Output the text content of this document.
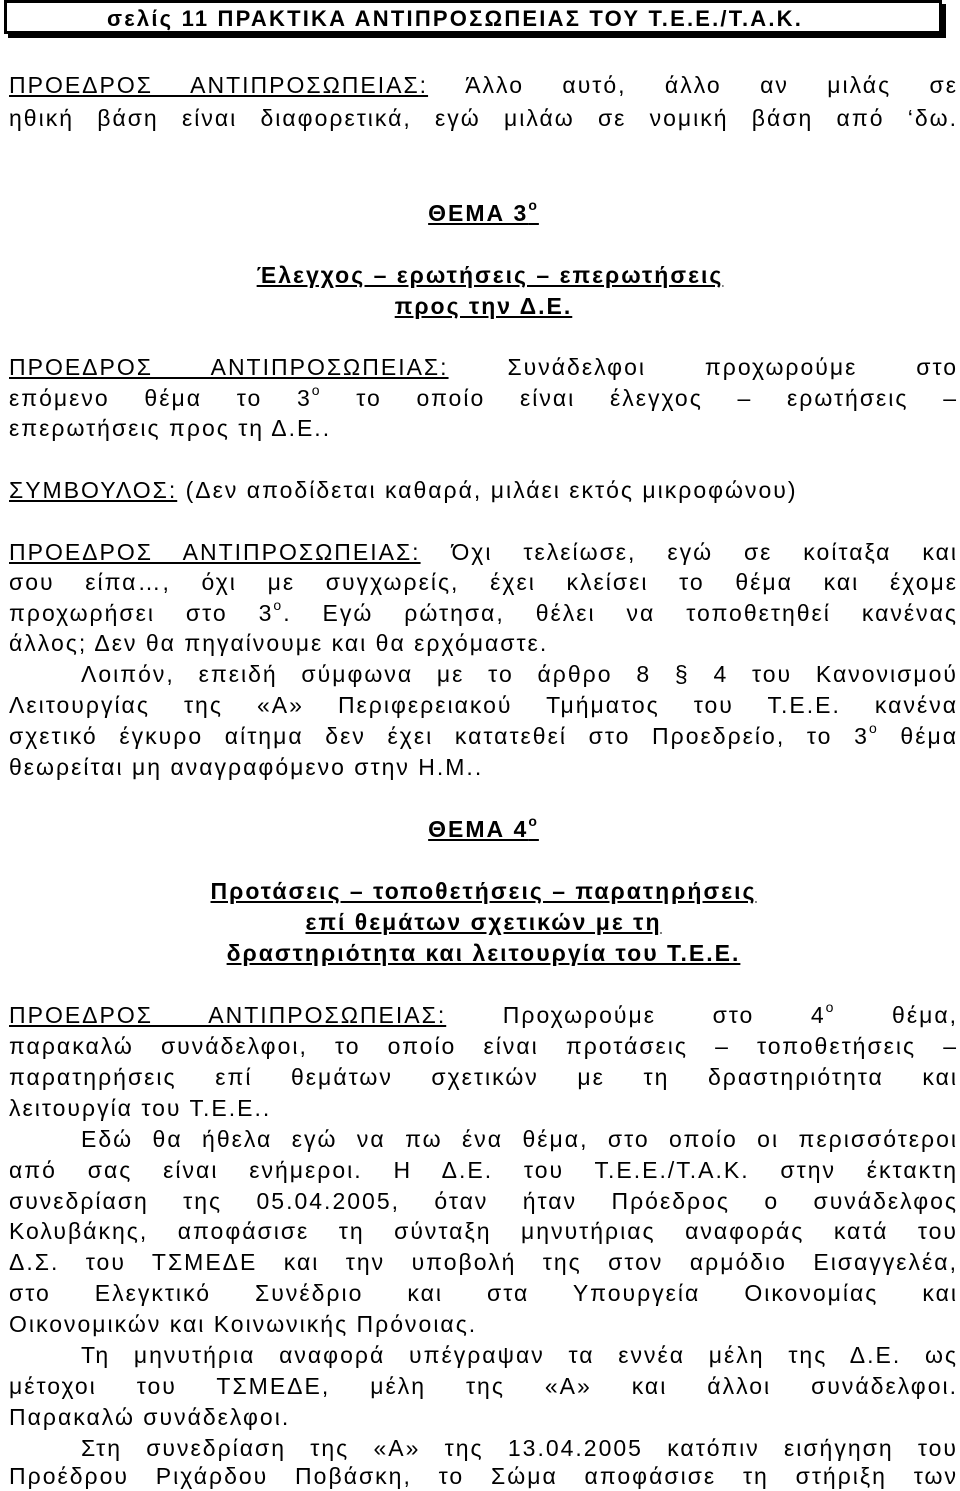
σελίς 11 ΠΡΑΚΤΙΚΑ ΑΝΤΙΠΡΟΣΩΠΕΙΑΣ ΤΟΥ Τ.Ε.Ε./Τ.Α.Κ.
ΠΡΟΕΔΡΟΣ ΑΝΤΙΠΡΟΣΩΠΕΙΑΣ: Άλλο αυτό, άλλο αν μιλάς σε
ηθική βάση είναι διαφορετικά, εγώ μιλάω σε νομική βάση από ‘δω.
ΘΕΜΑ $3^o$
Έλεγχος – ερωτήσεις – επερωτήσεις
προς την Δ.Ε.
ΠΡΟΕΔΡΟΣ ΑΝΤΙΠΡΟΣΩΠΕΙΑΣ:	Συνάδελφοι προχωρούμε στο
επόμενο θέμα το $3^o$ το οποίο είναι έλεγχος – ερωτήσεις –
επερωτήσεις προς τη Δ.Ε..
ΣΥΜΒΟΥΛΟΣ: (Δεν αποδίδεται καθαρά, μιλάει εκτός μικροφώνου)
ΠΡΟΕΔΡΟΣ ΑΝΤΙΠΡΟΣΩΠΕΙΑΣ: Όχι τελείωσε, εγώ σε κοίταξα και
σου είπα…, όχι με συγχωρείς, έχει κλείσει το θέμα και έχομε
προχωρήσει στο $3^o$. Εγώ ρώτησα, θέλει να τοποθετηθεί κανένας
άλλος; Δεν θα πηγαίνουμε και θα ερχόμαστε.
Λοιπόν, επειδή σύμφωνα με το άρθρο 8 § 4 του Κανονισμού
Λειτουργίας της «Α» Περιφερειακού Τμήματος του Τ.Ε.Ε. κανένα
σχετικό έγκυρο αίτημα δεν έχει κατατεθεί στο Προεδρείο, το $3^o$ θέμα
θεωρείται μη αναγραφόμενο στην Η.Μ..
ΘΕΜΑ $4^o$
Προτάσεις – τοποθετήσεις – παρατηρήσεις
επί θεμάτων σχετικών με τη
δραστηριότητα και λειτουργία του Τ.Ε.Ε.
ΠΡΟΕΔΡΟΣ ΑΝΤΙΠΡΟΣΩΠΕΙΑΣ: Προχωρούμε στο $4^o$ θέμα,
παρακαλώ συνάδελφοι, το οποίο είναι προτάσεις – τοποθετήσεις –
παρατηρήσεις επί θεμάτων σχετικών με τη δραστηριότητα και
λειτουργία του Τ.Ε.Ε..
Εδώ θα ήθελα εγώ να πω ένα θέμα, στο οποίο οι περισσότεροι
από σας είναι ενήμεροι. Η Δ.Ε. του Τ.Ε.Ε./Τ.Α.Κ. στην έκτακτη
συνεδρίαση της 05.04.2005, όταν ήταν Πρόεδρος ο συνάδελφος
Κολυβάκης, αποφάσισε τη σύνταξη μηνυτήριας αναφοράς κατά του
Δ.Σ. του ΤΣΜΕΔΕ και την υποβολή της στον αρμόδιο Εισαγγελέα,
στο Ελεγκτικό Συνέδριο και στα Υπουργεία Οικονομίας και
Οικονομικών και Κοινωνικής Πρόνοιας.
Τη μηνυτήρια αναφορά υπέγραψαν τα εννέα μέλη της Δ.Ε. ως
μέτοχοι του ΤΣΜΕΔΕ, μέλη της «Α» και άλλοι συνάδελφοι.
Παρακαλώ συνάδελφοι.
Στη συνεδρίαση της «Α» της 13.04.2005 κατόπιν εισήγηση του
Προέδρου Ριχάρδου Ποβάσκη, το Σώμα αποφάσισε τη στήριξη των
